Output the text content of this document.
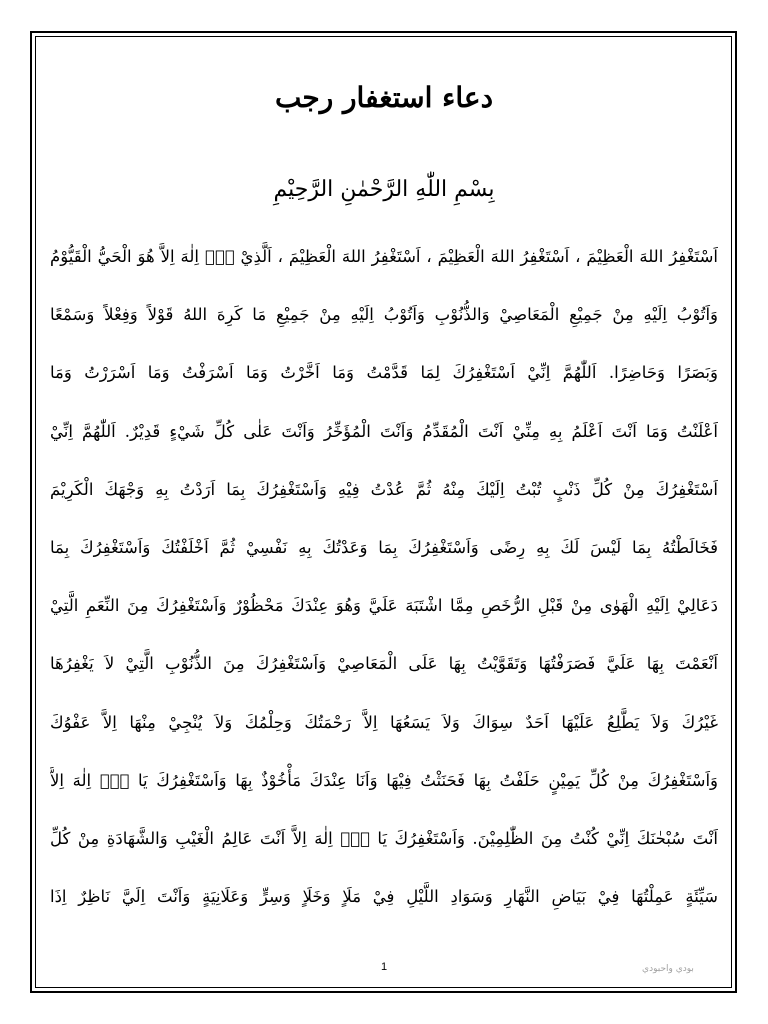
دعاء استغفار رجب
بِسْمِ اللّٰهِ الرَّحْمٰنِ الرَّحِيْمِ
اَسْتَغْفِرُ اللهَ الْعَظِيْمَ ، اَسْتَغْفِرُ اللهَ الْعَظِيْمَ ، اَسْتَغْفِرُ اللهَ الْعَظِيْمَ ، اَلَّذِيْ لاۤ اِلٰهَ اِلاَّ هُوَ الْحَيُّ الْقَيُّوْمُ
وَاَتُوْبُ اِلَيْهِ مِنْ جَمِيْعِ الْمَعَاصِيْ وَالذُّنُوْبِ وَاَتُوْبُ اِلَيْهِ مِنْ جَمِيْعِ مَا كَرِهَ اللهُ قَوْلاً وَفِعْلاً وَسَمْعًا
وَبَصَرًا وَحَاضِرًا. اَللّٰهُمَّ اِنِّيْ اَسْتَغْفِرُكَ لِمَا قَدَّمْتُ وَمَا اَخَّرْتُ وَمَا اَسْرَفْتُ وَمَا اَسْرَرْتُ وَمَا
اَعْلَنْتُ وَمَا اَنْتَ اَعْلَمُ بِهِ مِنِّيْ اَنْتَ الْمُقَدِّمُ وَاَنْتَ الْمُؤَخِّرُ وَاَنْتَ عَلٰى كُلِّ شَيْءٍ قَدِيْرٌ. اَللّٰهُمَّ اِنِّيْ
اَسْتَغْفِرُكَ مِنْ كُلِّ ذَنْبٍ تُبْتُ اِلَيْكَ مِنْهُ ثُمَّ عُدْتُ فِيْهِ وَاَسْتَغْفِرُكَ بِمَا اَرَدْتُ بِهِ وَجْهَكَ الْكَرِيْمَ
فَخَالَطْتُهُ بِمَا لَيْسَ لَكَ بِهِ رِضًى وَاَسْتَغْفِرُكَ بِمَا وَعَدْتُكَ بِهِ نَفْسِيْ ثُمَّ اَخْلَفْتُكَ وَاَسْتَغْفِرُكَ بِمَا
دَعَالِيْ اِلَيْهِ الْهَوٰى مِنْ قَبْلِ الرُّخَصِ مِمَّا اشْتَبَهَ عَلَيَّ وَهُوَ عِنْدَكَ مَحْظُوْرٌ وَاَسْتَغْفِرُكَ مِنَ النِّعَمِ الَّتِيْ
اَنْعَمْتَ بِهَا عَلَيَّ فَصَرَفْتُهَا وَتَقَوَّيْتُ بِهَا عَلَى الْمَعَاصِيْ وَاَسْتَغْفِرُكَ مِنَ الذُّنُوْبِ الَّتِيْ لاَ يَغْفِرُهَا
غَيْرُكَ وَلاَ يَطَّلِعُ عَلَيْهَا اَحَدٌ سِوَاكَ وَلاَ يَسَعُهَا اِلاَّ رَحْمَتُكَ وَحِلْمُكَ وَلاَ يُنْجِيْ مِنْهَا اِلاَّ عَفْوُكَ
وَاَسْتَغْفِرُكَ مِنْ كُلِّ يَمِيْنٍ حَلَفْتُ بِهَا فَحَنَثْتُ فِيْهَا وَاَنَا عِنْدَكَ مَأْخُوْذٌ بِهَا وَاَسْتَغْفِرُكَ يَا لاۤ اِلٰهَ اِلاَّ
اَنْتَ سُبْحٰنَكَ اِنِّيْ كُنْتُ مِنَ الظّٰلِمِيْنَ. وَاَسْتَغْفِرُكَ يَا لاۤ اِلٰهَ اِلاَّ اَنْتَ عَالِمُ الْغَيْبِ وَالشَّهَادَةِ مِنْ كُلِّ
سَيِّئَةٍ عَمِلْتُهَا فِيْ بَيَاضِ النَّهَارِ وَسَوَادِ اللَّيْلِ فِيْ مَلَاٍ وَخَلَاٍ وَسِرٍّ وَعَلَانِيَةٍ وَاَنْتَ اِلَيَّ نَاظِرٌ اِذَا
1	بودي واحبودي
